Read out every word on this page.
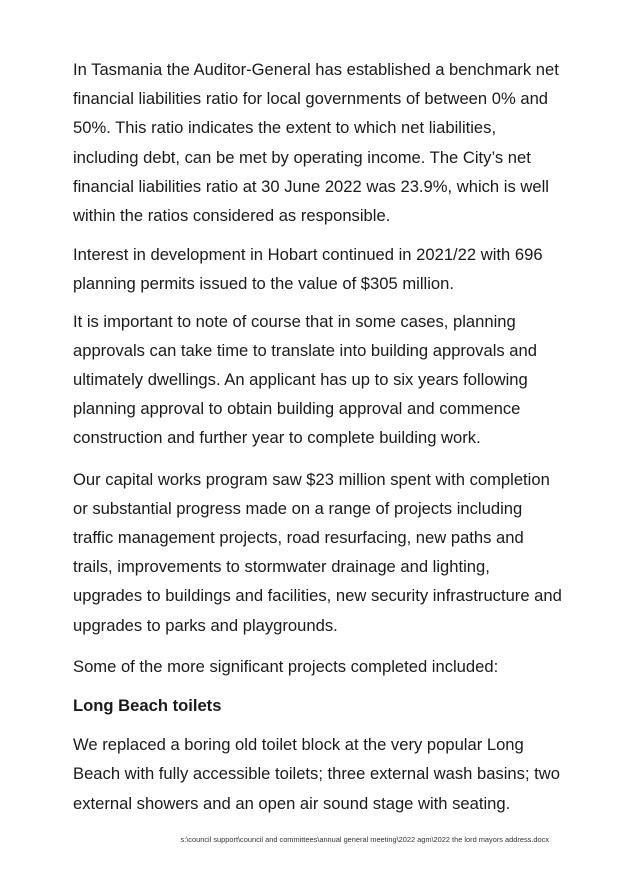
In Tasmania the Auditor-General has established a benchmark net financial liabilities ratio for local governments of between 0% and 50%. This ratio indicates the extent to which net liabilities, including debt, can be met by operating income. The City’s net financial liabilities ratio at 30 June 2022 was 23.9%, which is well within the ratios considered as responsible.

Interest in development in Hobart continued in 2021/22 with 696 planning permits issued to the value of $305 million.

It is important to note of course that in some cases, planning approvals can take time to translate into building approvals and ultimately dwellings. An applicant has up to six years following planning approval to obtain building approval and commence construction and further year to complete building work.

Our capital works program saw $23 million spent with completion or substantial progress made on a range of projects including traffic management projects, road resurfacing, new paths and trails, improvements to stormwater drainage and lighting, upgrades to buildings and facilities, new security infrastructure and upgrades to parks and playgrounds.

Some of the more significant projects completed included:

Long Beach toilets

We replaced a boring old toilet block at the very popular Long Beach with fully accessible toilets; three external wash basins; two external showers and an open air sound stage with seating.

s:\council support\council and committees\annual general meeting\2022 agm\2022 the lord mayors address.docx
